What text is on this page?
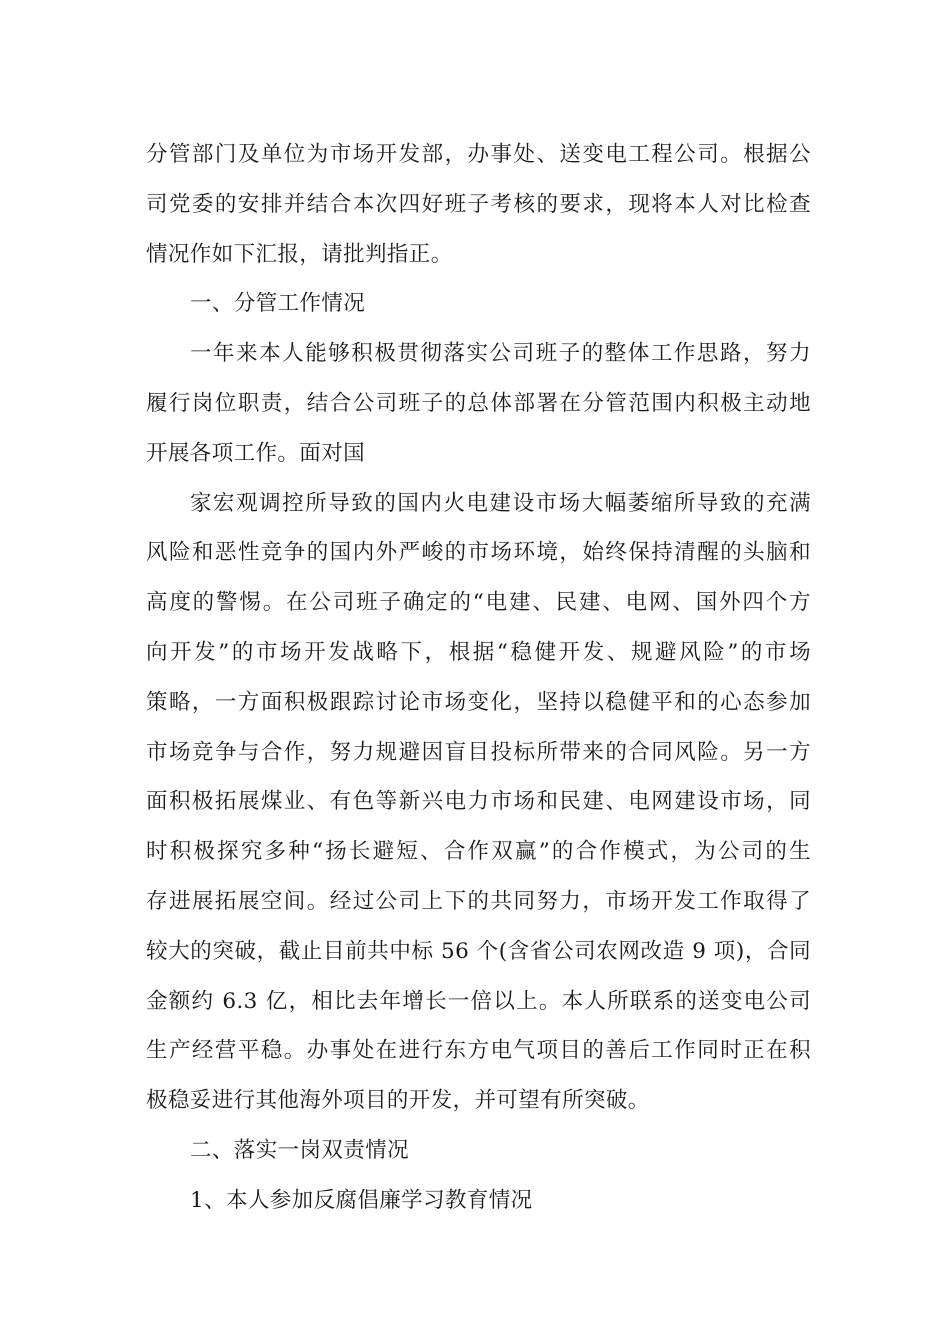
分管部门及单位为市场开发部，办事处、送变电工程公司。根据公
司党委的安排并结合本次四好班子考核的要求，现将本人对比检查
情况作如下汇报，请批判指正。
一、分管工作情况
一年来本人能够积极贯彻落实公司班子的整体工作思路，努力
履行岗位职责，结合公司班子的总体部署在分管范围内积极主动地
开展各项工作。面对国
家宏观调控所导致的国内火电建设市场大幅萎缩所导致的充满
风险和恶性竞争的国内外严峻的市场环境，始终保持清醒的头脑和
高度的警惕。在公司班子确定的“电建、民建、电网、国外四个方
向开发”的市场开发战略下，根据“稳健开发、规避风险”的市场
策略，一方面积极跟踪讨论市场变化，坚持以稳健平和的心态参加
市场竞争与合作，努力规避因盲目投标所带来的合同风险。另一方
面积极拓展煤业、有色等新兴电力市场和民建、电网建设市场，同
时积极探究多种“扬长避短、合作双赢”的合作模式，为公司的生
存进展拓展空间。经过公司上下的共同努力，市场开发工作取得了
较大的突破，截止目前共中标 56 个(含省公司农网改造 9 项)，合同
金额约 6.3 亿，相比去年增长一倍以上。本人所联系的送变电公司
生产经营平稳。办事处在进行东方电气项目的善后工作同时正在积
极稳妥进行其他海外项目的开发，并可望有所突破。
二、落实一岗双责情况
1、本人参加反腐倡廉学习教育情况
